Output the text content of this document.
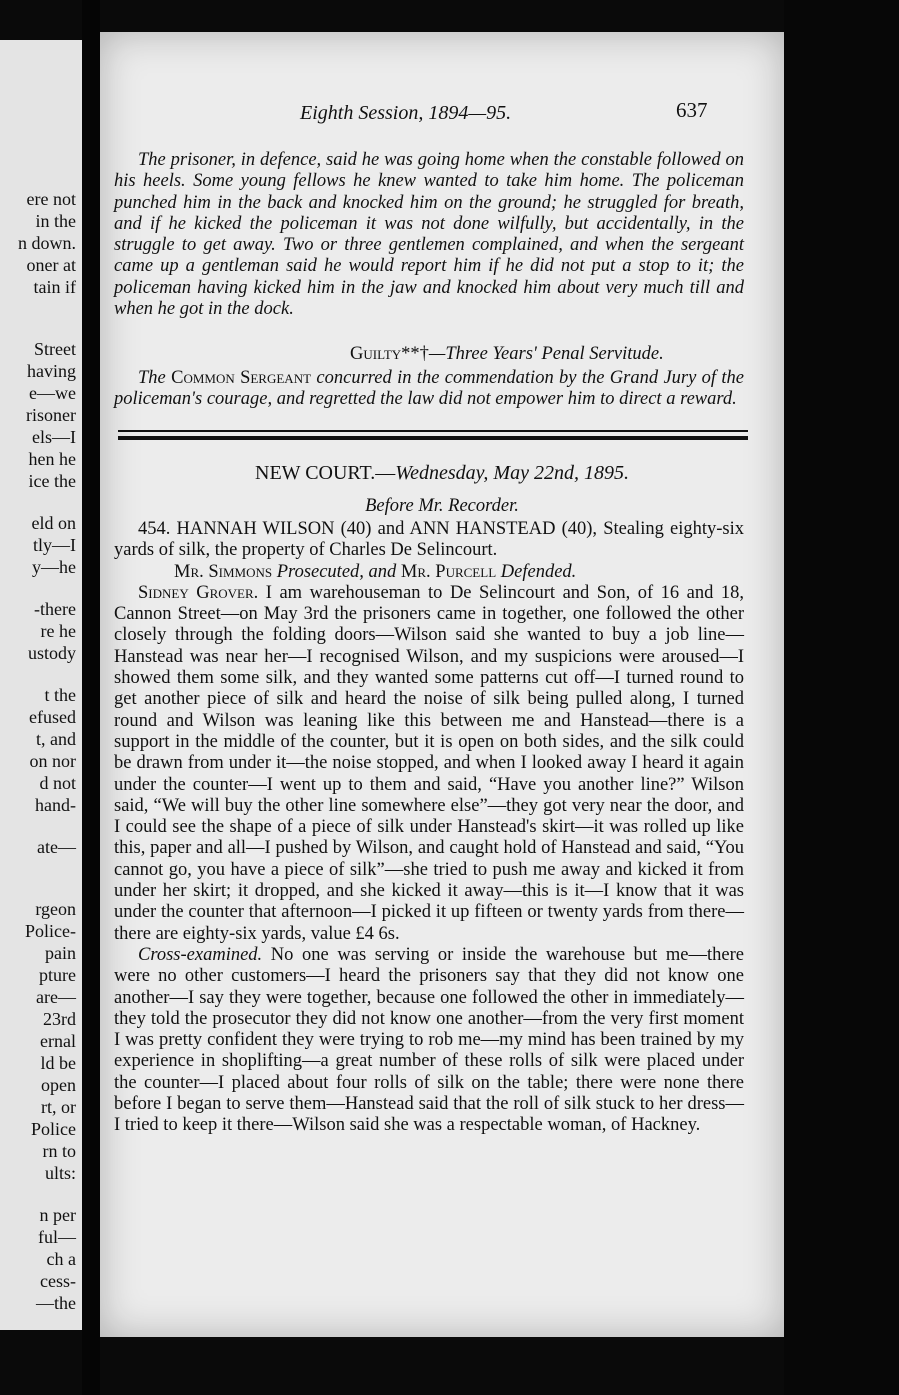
ere not
in the
n down.
oner at
tain if
Street
having
e—we
risoner
els—I
hen he
ice the
eld on
tly—I
y—he
-there
re he
ustody
t the
efused
t, and
on nor
d not
hand-
ate—
rgeon
Police-
pain
pture
are—
23rd
ernal
ld be
open
rt, or
Police
rn to
ults:
n per
ful—
ch a
cess-
—the
Eighth Session, 1894—95.	637

The prisoner, in defence, said he was going home when the constable followed on his heels. Some young fellows he knew wanted to take him home. The policeman punched him in the back and knocked him on the ground; he struggled for breath, and if he kicked the policeman it was not done wilfully, but accidentally, in the struggle to get away. Two or three gentlemen complained, and when the sergeant came up a gentleman said he would report him if he did not put a stop to it; the policeman having kicked him in the jaw and knocked him about very much till and when he got in the dock.

Guilty**†—Three Years' Penal Servitude.

The Common Sergeant concurred in the commendation by the Grand Jury of the policeman's courage, and regretted the law did not empower him to direct a reward.

NEW COURT.—Wednesday, May 22nd, 1895.
Before Mr. Recorder.

454. HANNAH WILSON (40) and ANN HANSTEAD (40), Stealing eighty-six yards of silk, the property of Charles De Selincourt.

Mr. Simmons Prosecuted, and Mr. Purcell Defended.

Sidney Grover. I am warehouseman to De Selincourt and Son, of 16 and 18, Cannon Street—on May 3rd the prisoners came in together, one followed the other closely through the folding doors—Wilson said she wanted to buy a job line—Hanstead was near her—I recognised Wilson, and my suspicions were aroused—I showed them some silk, and they wanted some patterns cut off—I turned round to get another piece of silk and heard the noise of silk being pulled along, I turned round and Wilson was leaning like this between me and Hanstead—there is a support in the middle of the counter, but it is open on both sides, and the silk could be drawn from under it—the noise stopped, and when I looked away I heard it again under the counter—I went up to them and said, “Have you another line?” Wilson said, “We will buy the other line somewhere else”—they got very near the door, and I could see the shape of a piece of silk under Hanstead's skirt—it was rolled up like this, paper and all—I pushed by Wilson, and caught hold of Hanstead and said, “You cannot go, you have a piece of silk”—she tried to push me away and kicked it from under her skirt; it dropped, and she kicked it away—this is it—I know that it was under the counter that afternoon—I picked it up fifteen or twenty yards from there—there are eighty-six yards, value £4 6s.

Cross-examined. No one was serving or inside the warehouse but me—there were no other customers—I heard the prisoners say that they did not know one another—I say they were together, because one followed the other in immediately—they told the prosecutor they did not know one another—from the very first moment I was pretty confident they were trying to rob me—my mind has been trained by my experience in shoplifting—a great number of these rolls of silk were placed under the counter—I placed about four rolls of silk on the table; there were none there before I began to serve them—Hanstead said that the roll of silk stuck to her dress—I tried to keep it there—Wilson said she was a respectable woman, of Hackney.
